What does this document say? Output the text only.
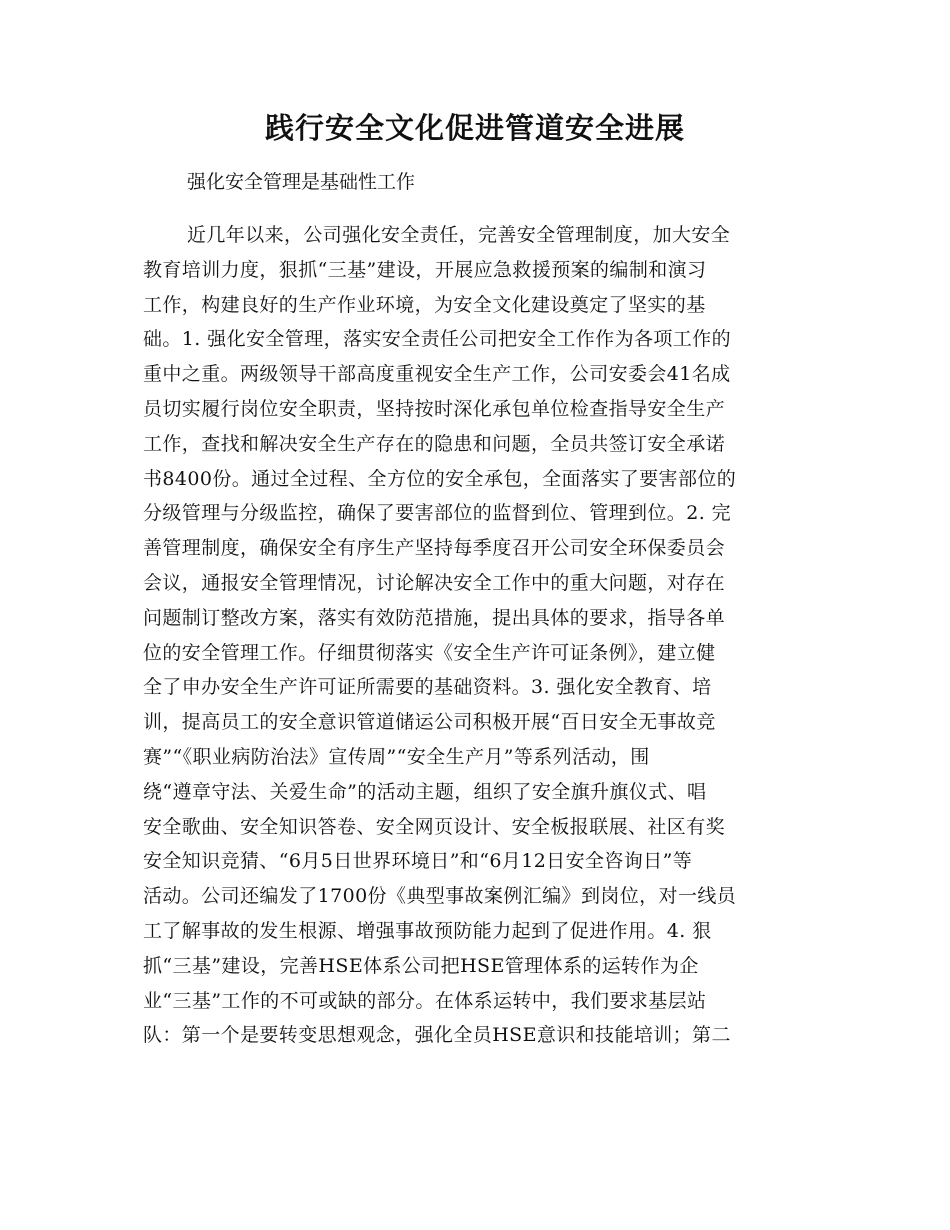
践行安全文化促进管道安全进展
强化安全管理是基础性工作
近几年以来，公司强化安全责任，完善安全管理制度，加大安全
教育培训力度，狠抓“三基”建设，开展应急救援预案的编制和演习
工作，构建良好的生产作业环境，为安全文化建设奠定了坚实的基
础。1. 强化安全管理，落实安全责任公司把安全工作作为各项工作的
重中之重。两级领导干部高度重视安全生产工作，公司安委会41名成
员切实履行岗位安全职责，坚持按时深化承包单位检查指导安全生产
工作，查找和解决安全生产存在的隐患和问题，全员共签订安全承诺
书8400份。通过全过程、全方位的安全承包，全面落实了要害部位的
分级管理与分级监控，确保了要害部位的监督到位、管理到位。2. 完
善管理制度，确保安全有序生产坚持每季度召开公司安全环保委员会
会议，通报安全管理情况，讨论解决安全工作中的重大问题，对存在
问题制订整改方案，落实有效防范措施，提出具体的要求，指导各单
位的安全管理工作。仔细贯彻落实《安全生产许可证条例》，建立健
全了申办安全生产许可证所需要的基础资料。3. 强化安全教育、培
训，提高员工的安全意识管道储运公司积极开展“百日安全无事故竞
赛”“《职业病防治法》宣传周”“安全生产月”等系列活动，围
绕“遵章守法、关爱生命”的活动主题，组织了安全旗升旗仪式、唱
安全歌曲、安全知识答卷、安全网页设计、安全板报联展、社区有奖
安全知识竞猜、“6月5日世界环境日”和“6月12日安全咨询日”等
活动。公司还编发了1700份《典型事故案例汇编》到岗位，对一线员
工了解事故的发生根源、增强事故预防能力起到了促进作用。4. 狠
抓“三基”建设，完善HSE体系公司把HSE管理体系的运转作为企
业“三基”工作的不可或缺的部分。在体系运转中，我们要求基层站
队：第一个是要转变思想观念，强化全员HSE意识和技能培训；第二
